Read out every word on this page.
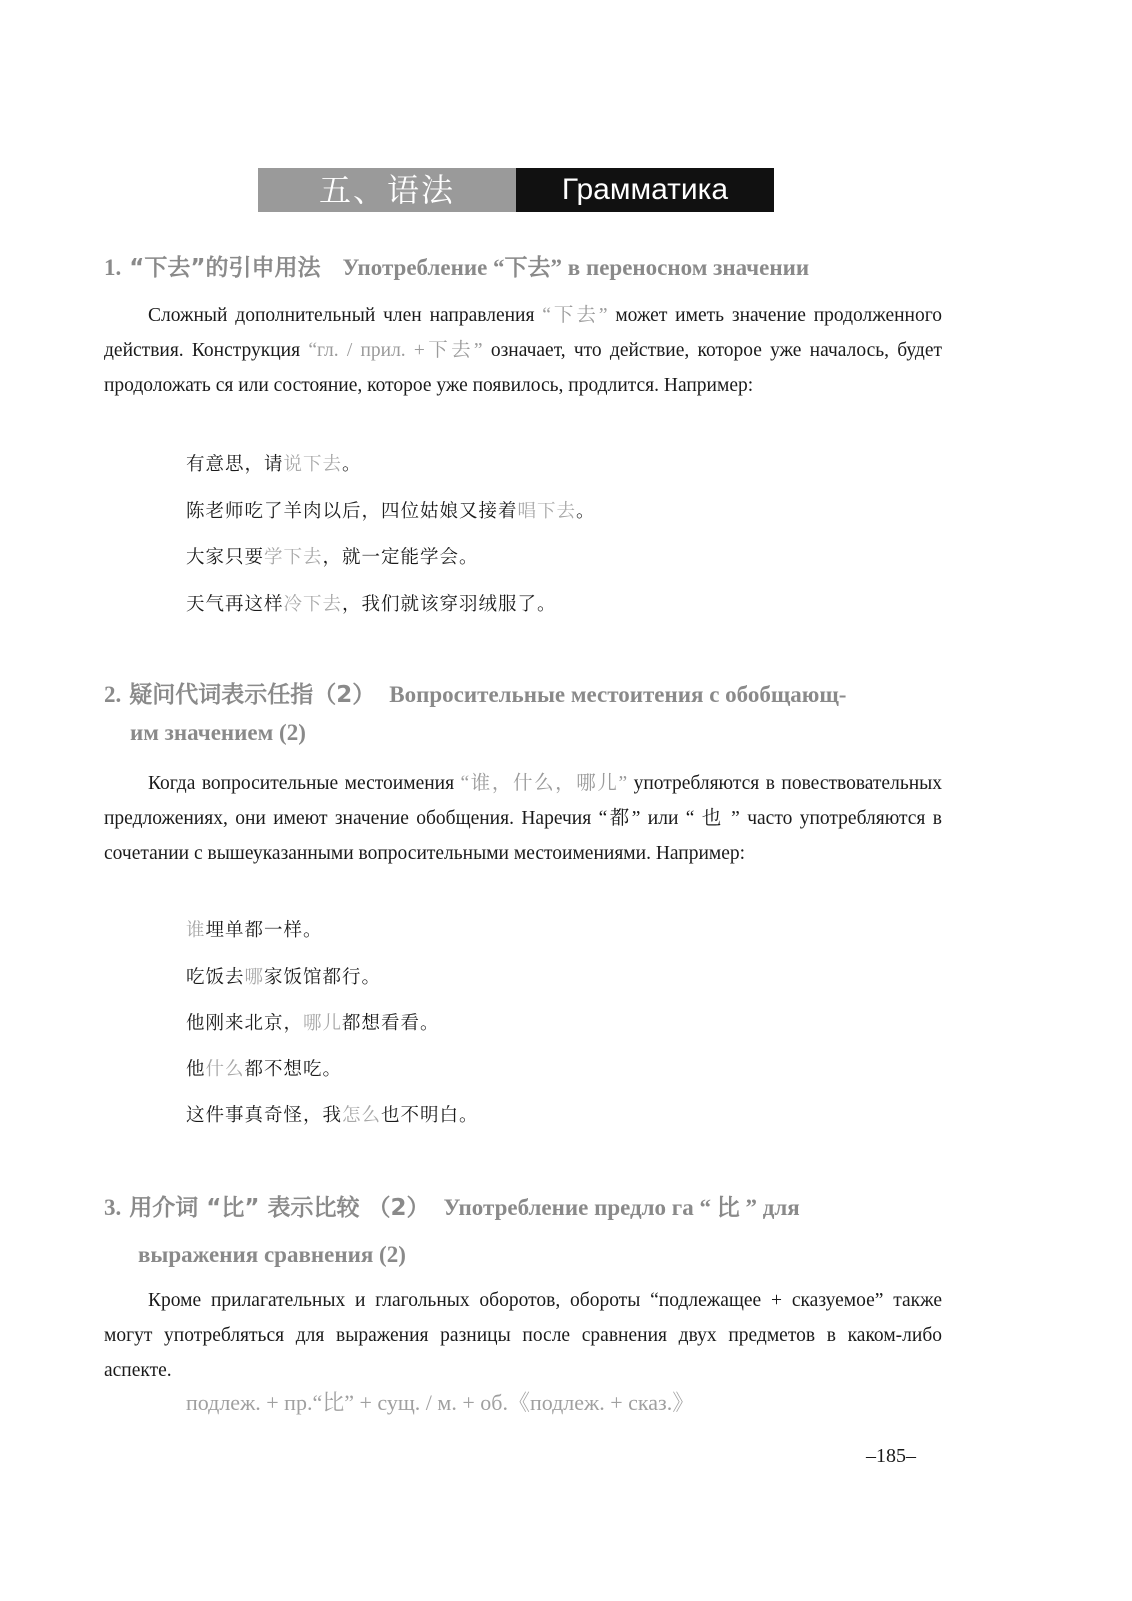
五、语法	Грамматика
1. “下去”的引申用法 Употребление “下去” в переносном значении
Сложный дополнительный член направления “下去” может иметь значение продолженного действия. Конструкция “гл. / прил. +下去” означает, что действие, которое уже началось, будет продоложать ся или состояние, которое уже появилось, продлится. Например:
有意思，请说下去。
陈老师吃了羊肉以后，四位姑娘又接着唱下去。
大家只要学下去，就一定能学会。
天气再这样冷下去，我们就该穿羽绒服了。
2. 疑问代词表示任指（2） Вопросительные местоитения с обобщающ-
им значением (2)
Когда вопросительные местоимения “谁，什么，哪儿” употребляются в повествовательных предложениях, они имеют значение обобщения. Наречия “都” или “ 也 ” часто употребляются в сочетании с вышеуказанными вопросительными местоимениями. Например:
谁埋单都一样。
吃饭去哪家饭馆都行。
他刚来北京，哪儿都想看看。
他什么都不想吃。
这件事真奇怪，我怎么也不明白。
3. 用介词 “比” 表示比较 （2） Употребление предло га “ 比 ” для
выражения сравнения (2)
Кроме прилагательных и глагольных оборотов, обороты “подлежащее + сказуемое” также могут употребляться для выражения разницы после сравнения двух предметов в каком-либо аспекте.
подлеж. + пр.“比” + сущ. / м. + об.《подлеж. + сказ.》
–185–
